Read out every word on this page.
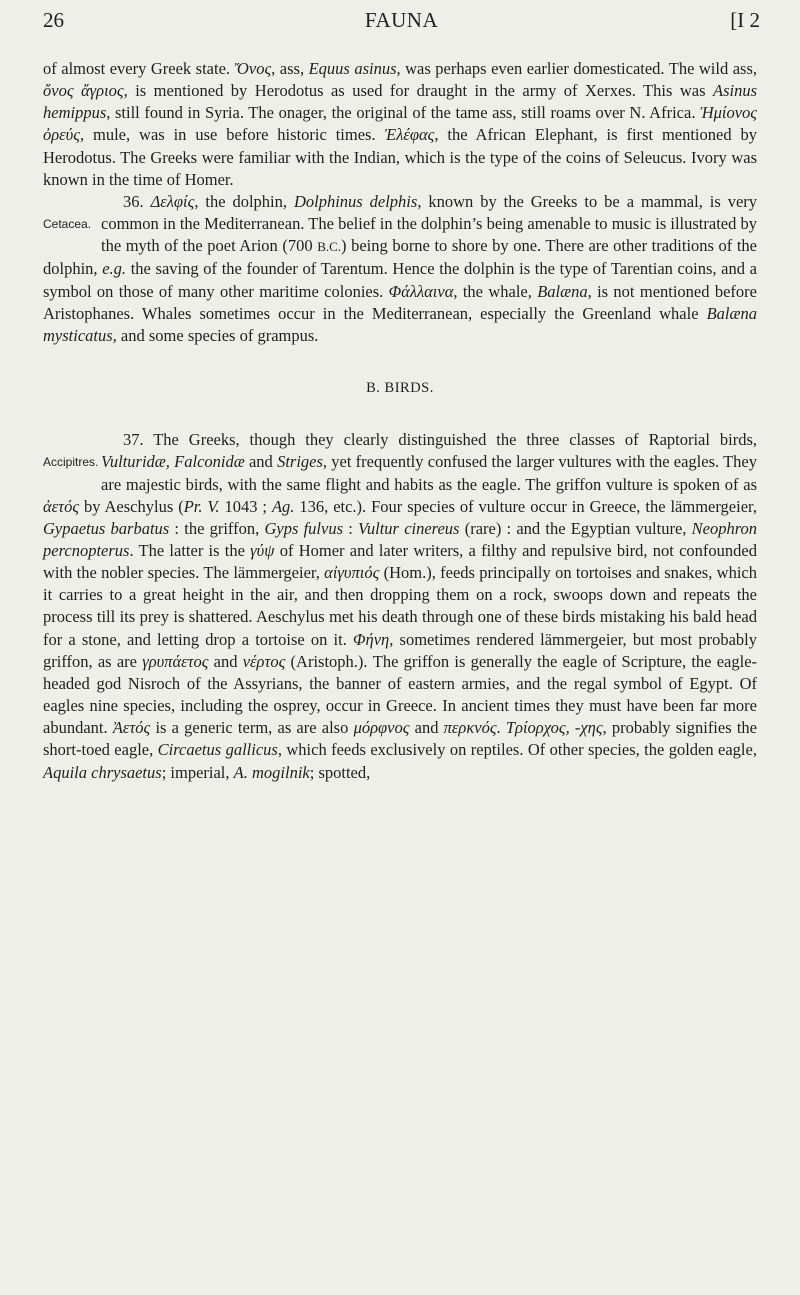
26	FAUNA	[I 2

of almost every Greek state. Ὄνος, ass, Equus asinus, was perhaps even earlier domesticated. The wild ass, ὄνος ἄγριος, is mentioned by Herodotus as used for draught in the army of Xerxes. This was Asinus hemippus, still found in Syria. The onager, the original of the tame ass, still roams over N. Africa. Ἡμίονος ὀρεύς, mule, was in use before historic times. Ἐλέφας, the African Elephant, is first mentioned by Herodotus. The Greeks were familiar with the Indian, which is the type of the coins of Seleucus. Ivory was known in the time of Homer.

Cetacea.
36. Δελφίς, the dolphin, Dolphinus delphis, known by the Greeks to be a mammal, is very common in the Mediterranean. The belief in the dolphin’s being amenable to music is illustrated by the myth of the poet Arion (700 B.C.) being borne to shore by one. There are other traditions of the dolphin, e.g. the saving of the founder of Tarentum. Hence the dolphin is the type of Tarentian coins, and a symbol on those of many other maritime colonies. Φάλλαινα, the whale, Balæna, is not mentioned before Aristophanes. Whales sometimes occur in the Mediterranean, especially the Greenland whale Balæna mysticatus, and some species of grampus.

B. BIRDS.

Accipitres.
37. The Greeks, though they clearly distinguished the three classes of Raptorial birds, Vulturidæ, Falconidæ and Striges, yet frequently confused the larger vultures with the eagles. They are majestic birds, with the same flight and habits as the eagle. The griffon vulture is spoken of as ἀετός by Aeschylus (Pr. V. 1043 ; Ag. 136, etc.). Four species of vulture occur in Greece, the lämmergeier, Gypaetus barbatus : the griffon, Gyps fulvus : Vultur cinereus (rare) : and the Egyptian vulture, Neophron percnopterus. The latter is the γύψ of Homer and later writers, a filthy and repulsive bird, not confounded with the nobler species. The lämmergeier, αἰγυπιός (Hom.), feeds principally on tortoises and snakes, which it carries to a great height in the air, and then dropping them on a rock, swoops down and repeats the process till its prey is shattered. Aeschylus met his death through one of these birds mistaking his bald head for a stone, and letting drop a tortoise on it. Φήνη, sometimes rendered lämmergeier, but most probably griffon, as are γρυπάετος and νέρτος (Aristoph.). The griffon is generally the eagle of Scripture, the eagle-headed god Nisroch of the Assyrians, the banner of eastern armies, and the regal symbol of Egypt. Of eagles nine species, including the osprey, occur in Greece. In ancient times they must have been far more abundant. Ἀετός is a generic term, as are also μόρφνος and περκνός. Τρίορχος, -χης, probably signifies the short-toed eagle, Circaetus gallicus, which feeds exclusively on reptiles. Of other species, the golden eagle, Aquila chrysaetus; imperial, A. mogilnik; spotted,
